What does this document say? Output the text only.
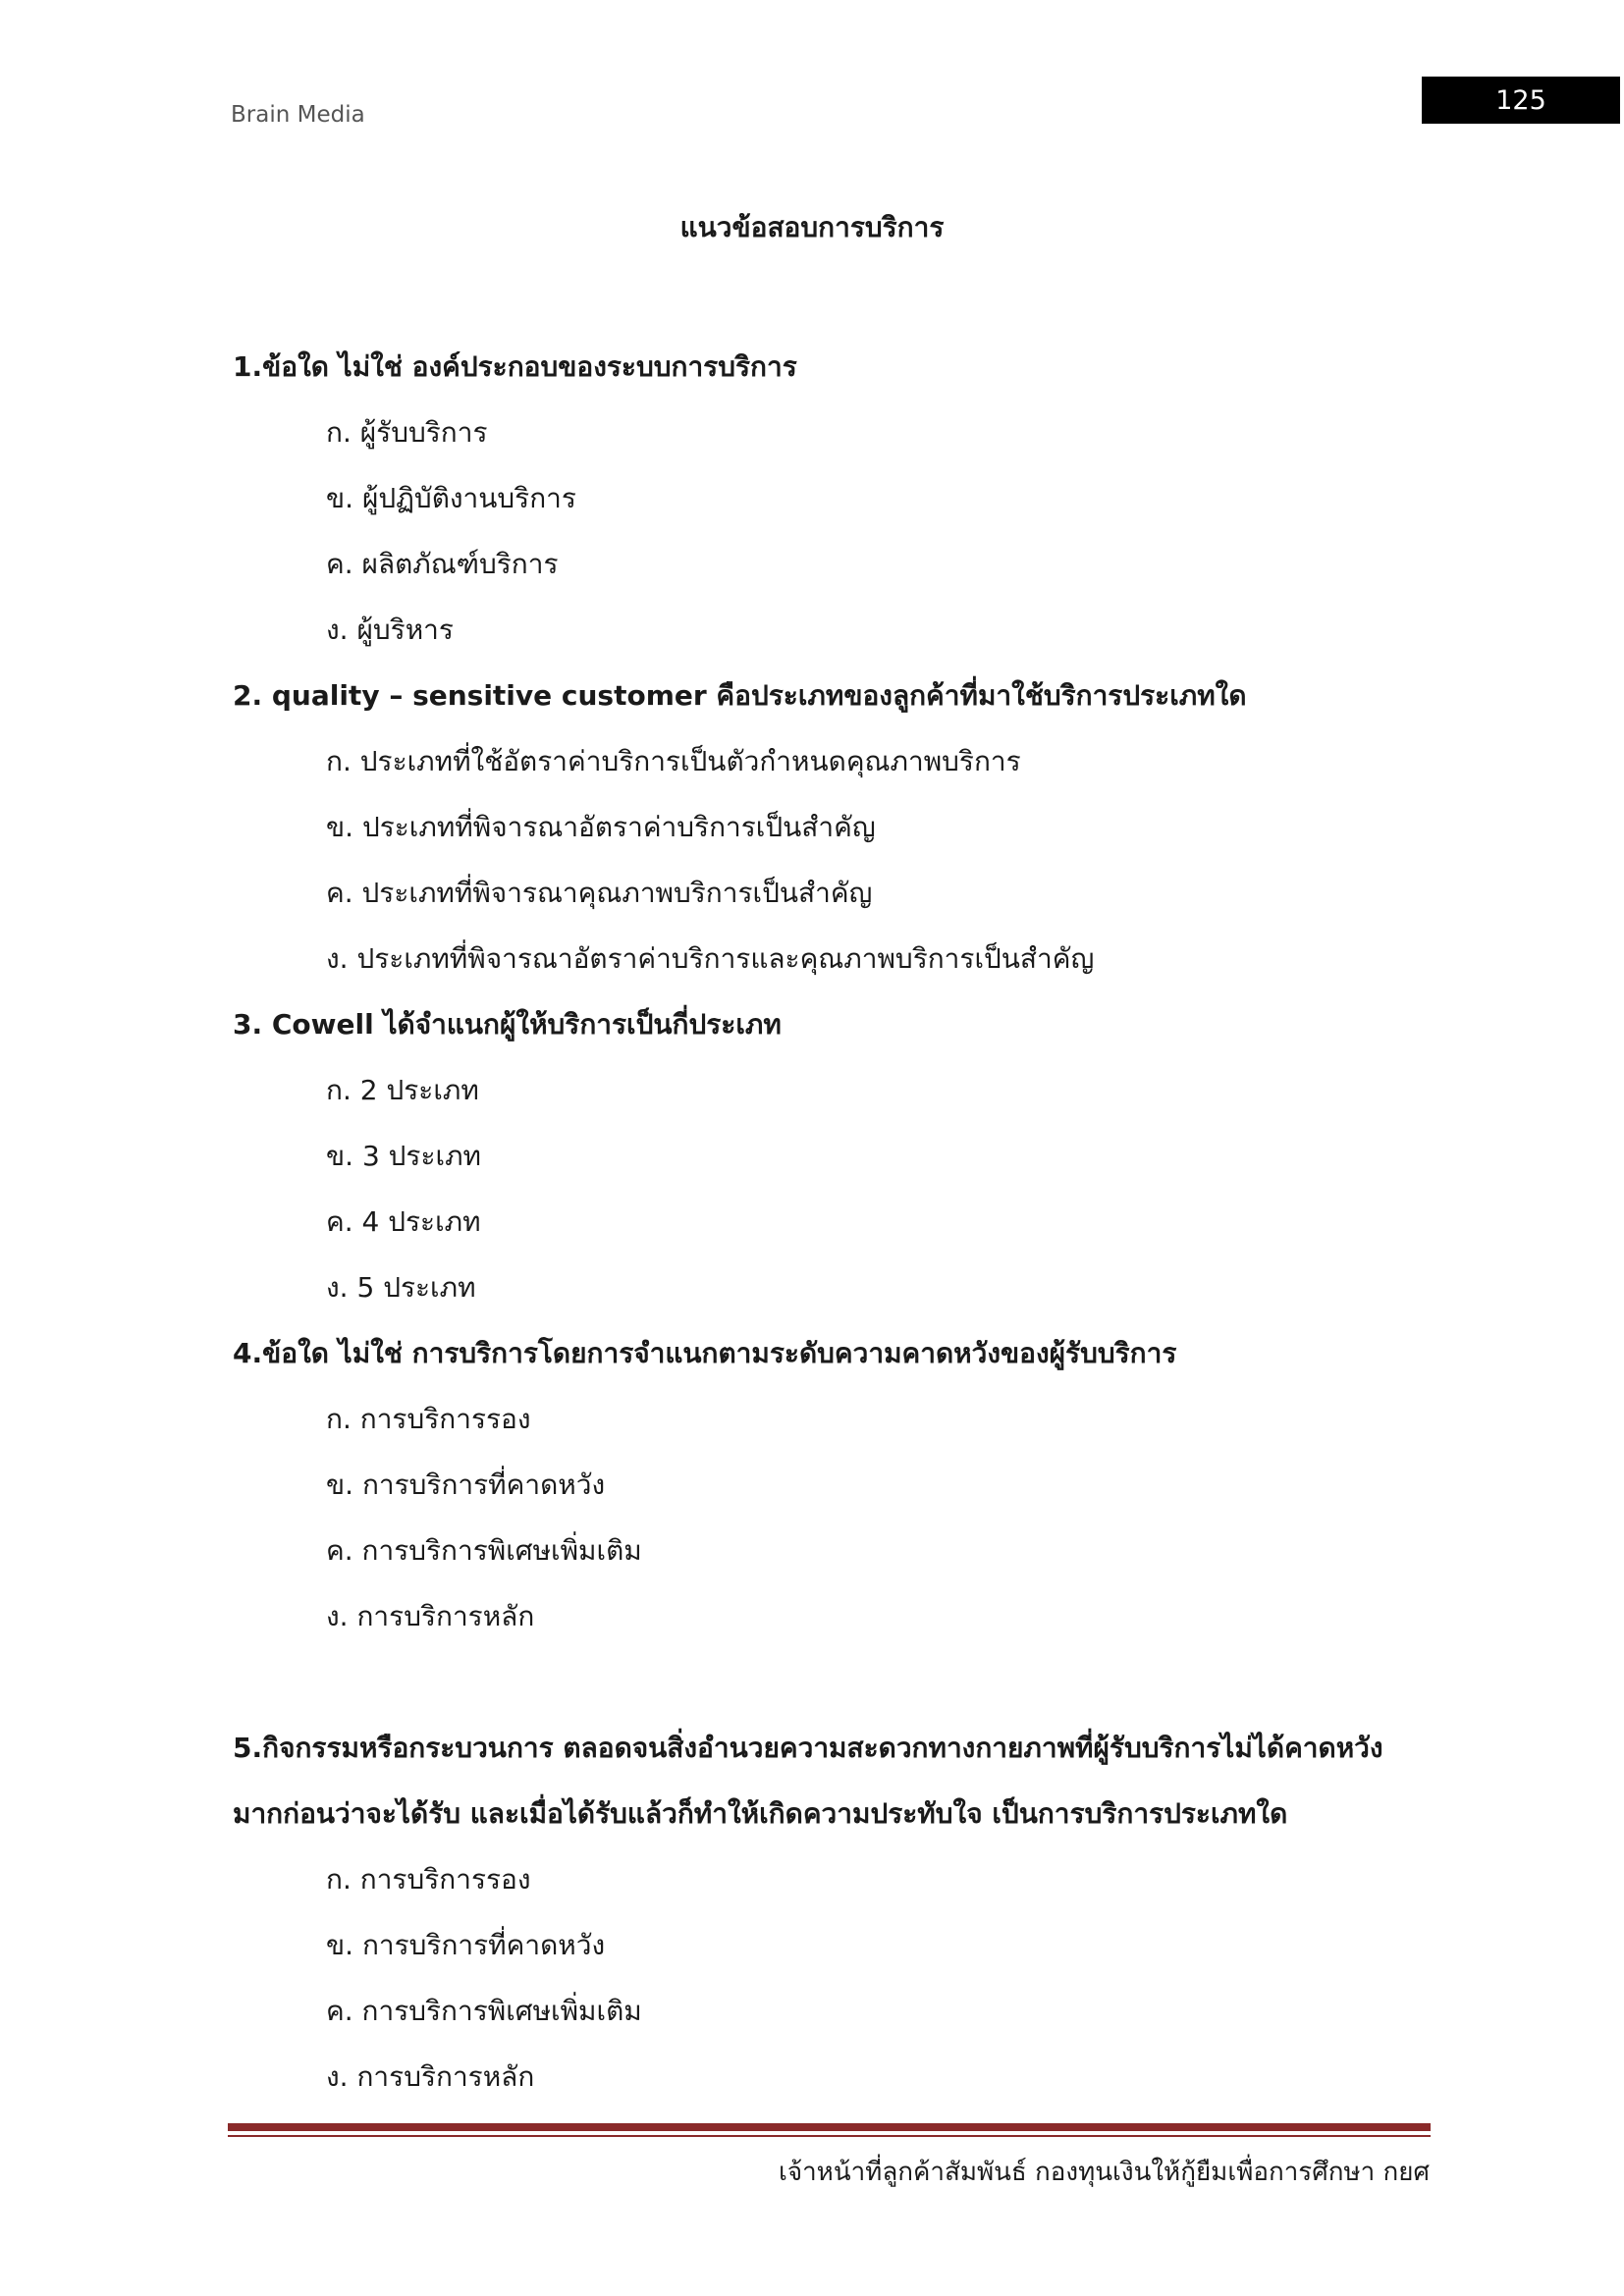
Brain Media	125
แนวข้อสอบการบริการ
1.ข้อใด ไม่ใช่ องค์ประกอบของระบบการบริการ
ก. ผู้รับบริการ
ข. ผู้ปฏิบัติงานบริการ
ค. ผลิตภัณฑ์บริการ
ง. ผู้บริหาร
2. quality – sensitive customer คือประเภทของลูกค้าที่มาใช้บริการประเภทใด
ก. ประเภทที่ใช้อัตราค่าบริการเป็นตัวกำหนดคุณภาพบริการ
ข. ประเภทที่พิจารณาอัตราค่าบริการเป็นสำคัญ
ค. ประเภทที่พิจารณาคุณภาพบริการเป็นสำคัญ
ง. ประเภทที่พิจารณาอัตราค่าบริการและคุณภาพบริการเป็นสำคัญ
3. Cowell ได้จำแนกผู้ให้บริการเป็นกี่ประเภท
ก. 2 ประเภท
ข. 3 ประเภท
ค. 4 ประเภท
ง. 5 ประเภท
4.ข้อใด ไม่ใช่ การบริการโดยการจำแนกตามระดับความคาดหวังของผู้รับบริการ
ก. การบริการรอง
ข. การบริการที่คาดหวัง
ค. การบริการพิเศษเพิ่มเติม
ง. การบริการหลัก
5.กิจกรรมหรือกระบวนการ ตลอดจนสิ่งอำนวยความสะดวกทางกายภาพที่ผู้รับบริการไม่ได้คาดหวัง
มากก่อนว่าจะได้รับ และเมื่อได้รับแล้วก็ทำให้เกิดความประทับใจ เป็นการบริการประเภทใด
ก. การบริการรอง
ข. การบริการที่คาดหวัง
ค. การบริการพิเศษเพิ่มเติม
ง. การบริการหลัก
เจ้าหน้าที่ลูกค้าสัมพันธ์ กองทุนเงินให้กู้ยืมเพื่อการศึกษา กยศ
